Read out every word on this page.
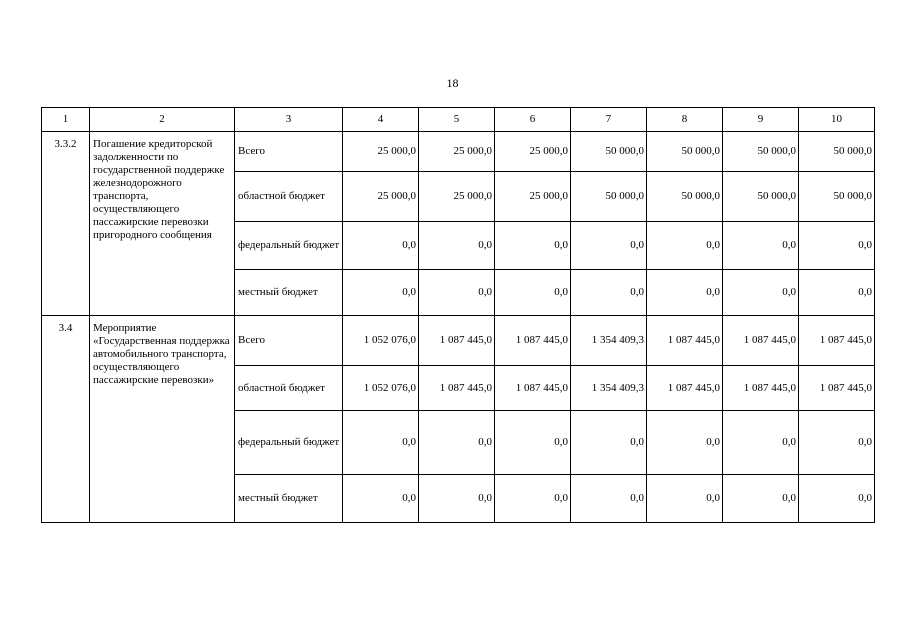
18
1	2	3	4	5	6	7	8	9	10
3.3.2	Погашение кредиторской задолженности по государственной поддержке железнодорожного транспорта, осуществляющего пассажирские перевозки пригородного сообщения	Всего	25 000,0	25 000,0	25 000,0	50 000,0	50 000,0	50 000,0	50 000,0
		областной бюджет	25 000,0	25 000,0	25 000,0	50 000,0	50 000,0	50 000,0	50 000,0
		федеральный бюджет	0,0	0,0	0,0	0,0	0,0	0,0	0,0
		местный бюджет	0,0	0,0	0,0	0,0	0,0	0,0	0,0
3.4	Мероприятие «Государственная поддержка автомобильного транспорта, осуществляющего пассажирские перевозки»	Всего	1 052 076,0	1 087 445,0	1 087 445,0	1 354 409,3	1 087 445,0	1 087 445,0	1 087 445,0
		областной бюджет	1 052 076,0	1 087 445,0	1 087 445,0	1 354 409,3	1 087 445,0	1 087 445,0	1 087 445,0
		федеральный бюджет	0,0	0,0	0,0	0,0	0,0	0,0	0,0
		местный бюджет	0,0	0,0	0,0	0,0	0,0	0,0	0,0
